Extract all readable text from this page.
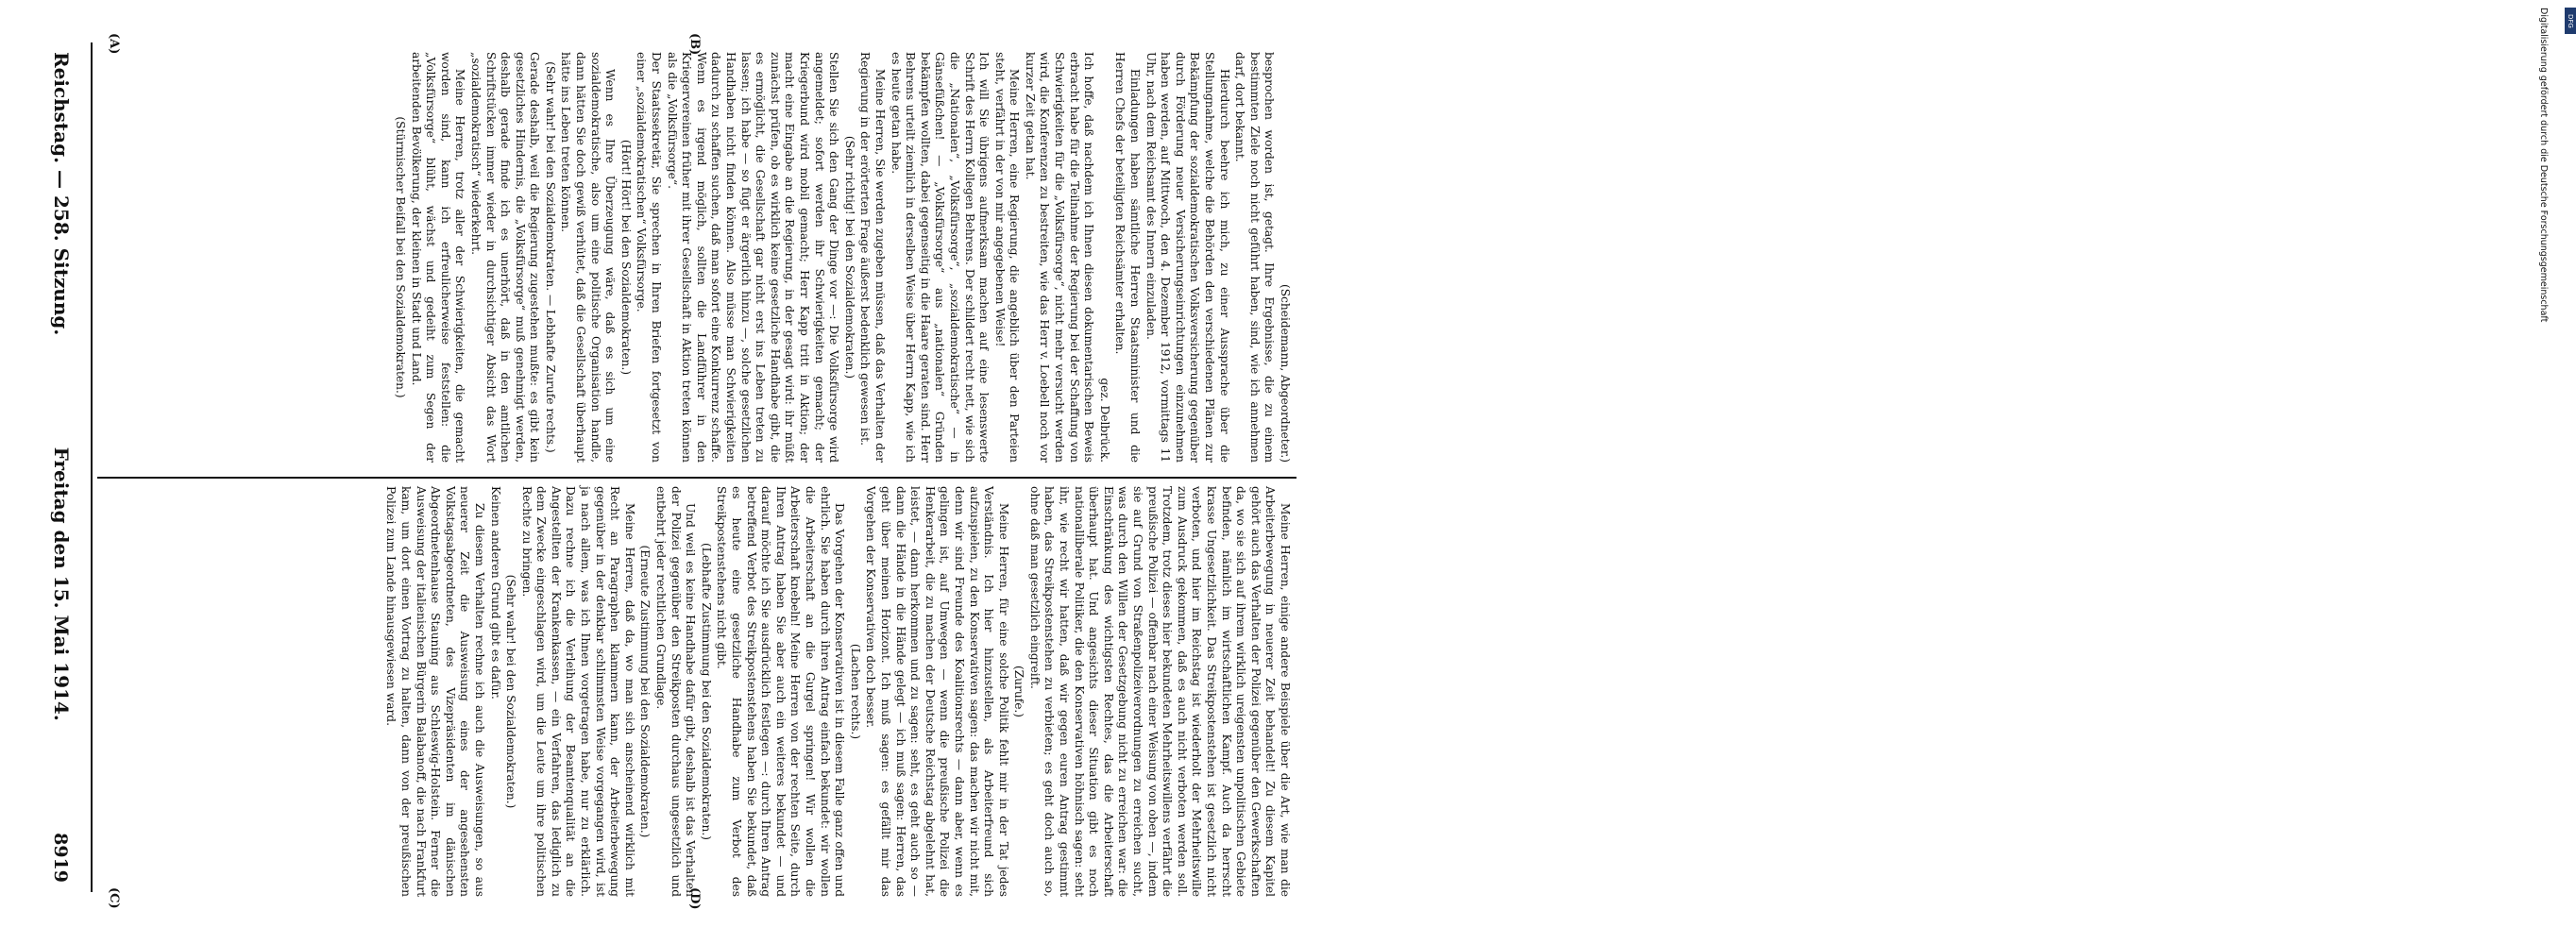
Reichstag. — 258. Sitzung.
Freitag den 15. Mai 1914.
8919
(A)	(B)
(C)	(D)

(Scheidemann, Abgeordneter.)

besprochen worden ist, getagt. Ihre Ergebnisse, die zu einem bestimmten Ziele noch nicht geführt haben, sind, wie ich annehmen darf, dort bekannt.

Hierdurch beehre ich mich, zu einer Aussprache über die Stellungnahme, welche die Behörden den verschiedenen Plänen zur Bekämpfung der sozialdemokratischen Volksversicherung gegenüber durch Förderung neuer Versicherungseinrichtungen einzunehmen haben werden, auf Mittwoch, den 4. Dezember 1912, vormittags 11 Uhr, nach dem Reichsamt des Innern einzuladen.

Einladungen haben sämtliche Herren Staatsminister und die Herren Chefs der beteiligten Reichsämter erhalten.

gez. Delbrück.

Ich hoffe, daß nachdem ich Ihnen diesen dokumentarischen Beweis erbracht habe für die Teilnahme der Regierung bei der Schaffung von Schwierigkeiten für die „Volksfürsorge“, nicht mehr versucht werden wird, die Konferenzen zu bestreiten, wie das Herr v. Loebell noch vor kurzer Zeit getan hat.

Meine Herren, eine Regierung, die angeblich über den Parteien steht, verfährt in der von mir angegebenen Weise!

Ich will Sie übrigens aufmerksam machen auf eine lesenswerte Schrift des Herrn Kollegen Behrens. Der schildert recht nett, wie sich die „Nationalen“, „Volksfürsorge“, „sozialdemokratische“ — in Gänsefüßchen! — „Volksfürsorge“ aus „nationalen“ Gründen bekämpfen wollten, dabei gegenseitig in die Haare geraten sind. Herr Behrens urteilt ziemlich in derselben Weise über Herrn Kapp, wie ich es heute getan habe.

Meine Herren, Sie werden zugeben müssen, daß das Verhalten der Regierung in der erörterten Frage äußerst bedenklich gewesen ist.

(Sehr richtig! bei den Sozialdemokraten.)

Stellen Sie sich den Gang der Dinge vor —: Die Volksfürsorge wird angemeldet; sofort werden ihr Schwierigkeiten gemacht; der Kriegerbund wird mobil gemacht; Herr Kapp tritt in Aktion; der macht eine Eingabe an die Regierung, in der gesagt wird: ihr müßt zunächst prüfen, ob es wirklich keine gesetzliche Handhabe gibt, die es ermöglicht, die Gesellschaft gar nicht erst ins Leben treten zu lassen; ich habe — so fügt er ärgerlich hinzu —, solche gesetzlichen Handhaben nicht finden können. Also müsse man Schwierigkeiten dadurch zu schaffen suchen, daß man sofort eine Konkurrenz schaffe. Wenn es irgend möglich, sollten die Landführer in den Kriegervereinen früher mit ihrer Gesellschaft in Aktion treten können als die „Volksfürsorge“.

Der Staatssekretär, Sie sprechen in Ihren Briefen fortgesetzt von einer „sozialdemokratischen“ Volksfürsorge.

(Hört! Hört! bei den Sozialdemokraten.)

Wenn es Ihre Überzeugung wäre, daß es sich um eine sozialdemokratische, also um eine politische Organisation handle, dann hätten Sie doch gewiß verhütet, daß die Gesellschaft überhaupt hätte ins Leben treten können.

(Sehr wahr! bei den Sozialdemokraten. — Lebhafte Zurufe rechts.)

Gerade deshalb, weil die Regierung zugestehen mußte: es gibt kein gesetzliches Hindernis, die „Volksfürsorge“ muß genehmigt werden, deshalb gerade finde ich es unerhört, daß in den amtlichen Schriftstücken immer wieder in durchsichtiger Absicht das Wort „sozialdemokratisch“ wiederkehrt.

Meine Herren, trotz aller der Schwierigkeiten, die gemacht worden sind, kann ich erfreulicherweise feststellen: die „Volksfürsorge“ blüht, wächst und gedeiht zum Segen der arbeitenden Bevölkerung, der kleinen in Stadt und Land.

(Stürmischer Beifall bei den Sozialdemokraten.)

Meine Herren, einige andere Beispiele über die Art, wie man die Arbeiterbewegung in neuerer Zeit behandelt! Zu diesem Kapitel gehört auch das Verhalten der Polizei gegenüber den Gewerkschaften da, wo sie sich auf ihrem wirklich ureigensten unpolitischen Gebiete befinden, nämlich im wirtschaftlichen Kampf. Auch da herrscht krasse Ungesetzlichkeit. Das Streikpostenstehen ist gesetzlich nicht verboten, und hier im Reichstag ist wiederholt der Mehrheitswille zum Ausdruck gekommen, daß es auch nicht verboten werden soll. Trotzdem, trotz dieses hier bekundeten Mehrheitswillens verfährt die preußische Polizei — offenbar nach einer Weisung von oben —, indem sie auf Grund von Straßenpolizeiverordnungen zu erreichen sucht, was durch den Willen der Gesetzgebung nicht zu erreichen war: die Einschränkung des wichtigsten Rechtes, das die Arbeiterschaft überhaupt hat. Und angesichts dieser Situation gibt es noch nationalliberale Politiker, die den Konservativen höhnisch sagen: seht ihr, wie recht wir hatten, daß wir gegen euren Antrag gestimmt haben, das Streikpostenstehen zu verbieten; es geht doch auch so, ohne daß man gesetzlich eingreift.

(Zurufe.)

Meine Herren, für eine solche Politik fehlt mir in der Tat jedes Verständnis. Ich hier hinzustellen, als Arbeiterfreund sich aufzuspielen, zu den Konservativen sagen: das machen wir nicht mit, denn wir sind Freunde des Koalitionsrechts — dann aber, wenn es gelingen ist, auf Umwegen — wenn die preußische Polizei die Henkerarbeit, die zu machen der Deutsche Reichstag abgelehnt hat, leistet, — dann herkommen und zu sagen: seht, es geht auch so — dann die Hände in die Hände gelegt — ich muß sagen: Herren, das geht über meinen Horizont. Ich muß sagen: es gefällt mir das Vorgehen der Konservativen doch besser.

(Lachen rechts.)

Das Vorgehen der Konservativen ist in diesem Falle ganz offen und ehrlich. Sie haben durch ihren Antrag einfach bekundet: wir wollen die Arbeiterschaft an die Gurgel springen! Wir wollen die Arbeiterschaft knebeln! Meine Herren von der rechten Seite, durch Ihren Antrag haben Sie aber auch ein weiteres bekundet — und darauf möchte ich Sie ausdrücklich festlegen —: durch Ihren Antrag betreffend Verbot des Streikpostenstehens haben Sie bekundet, daß es heute eine gesetzliche Handhabe zum Verbot des Streikpostenstehens nicht gibt.

(Lebhafte Zustimmung bei den Sozialdemokraten.)

Und weil es keine Handhabe dafür gibt, deshalb ist das Verhalten der Polizei gegenüber den Streikposten durchaus ungesetzlich und entbehrt jeder rechtlichen Grundlage.

(Erneute Zustimmung bei den Sozialdemokraten.)

Meine Herren, daß da, wo man sich anscheinend wirklich mit Recht an Paragraphen klammern kann, der Arbeiterbewegung gegenüber in der denkbar schlimmsten Weise vorgegangen wird, ist ja nach allem, was ich Ihnen vorgetragen habe, nur zu erklärlich. Dazu rechne ich die Verleihung der Beamtenqualität an die Angestellten der Krankenkassen, — ein Verfahren, das lediglich zu dem Zwecke eingeschlagen wird, um die Leute um ihre politischen Rechte zu bringen.

(Sehr wahr! bei den Sozialdemokraten.)

Keinen anderen Grund gibt es dafür.

Zu diesem Verhalten rechne ich auch die Ausweisungen, so aus neuerer Zeit die Ausweisung eines der angesehensten Volkstagsabgeordneten, des Vizepräsidenten im dänischen Abgeordnetenhause Stauning aus Schleswig-Holstein. Ferner die Ausweisung der italienischen Bürgerin Balabanoff, die nach Frankfurt kam, um dort einen Vortrag zu halten, dann von der preußischen Polizei zum Lande hinausgewiesen ward.

Digitalisierung gefördert durch die Deutsche Forschungsgemeinschaft	DFG
